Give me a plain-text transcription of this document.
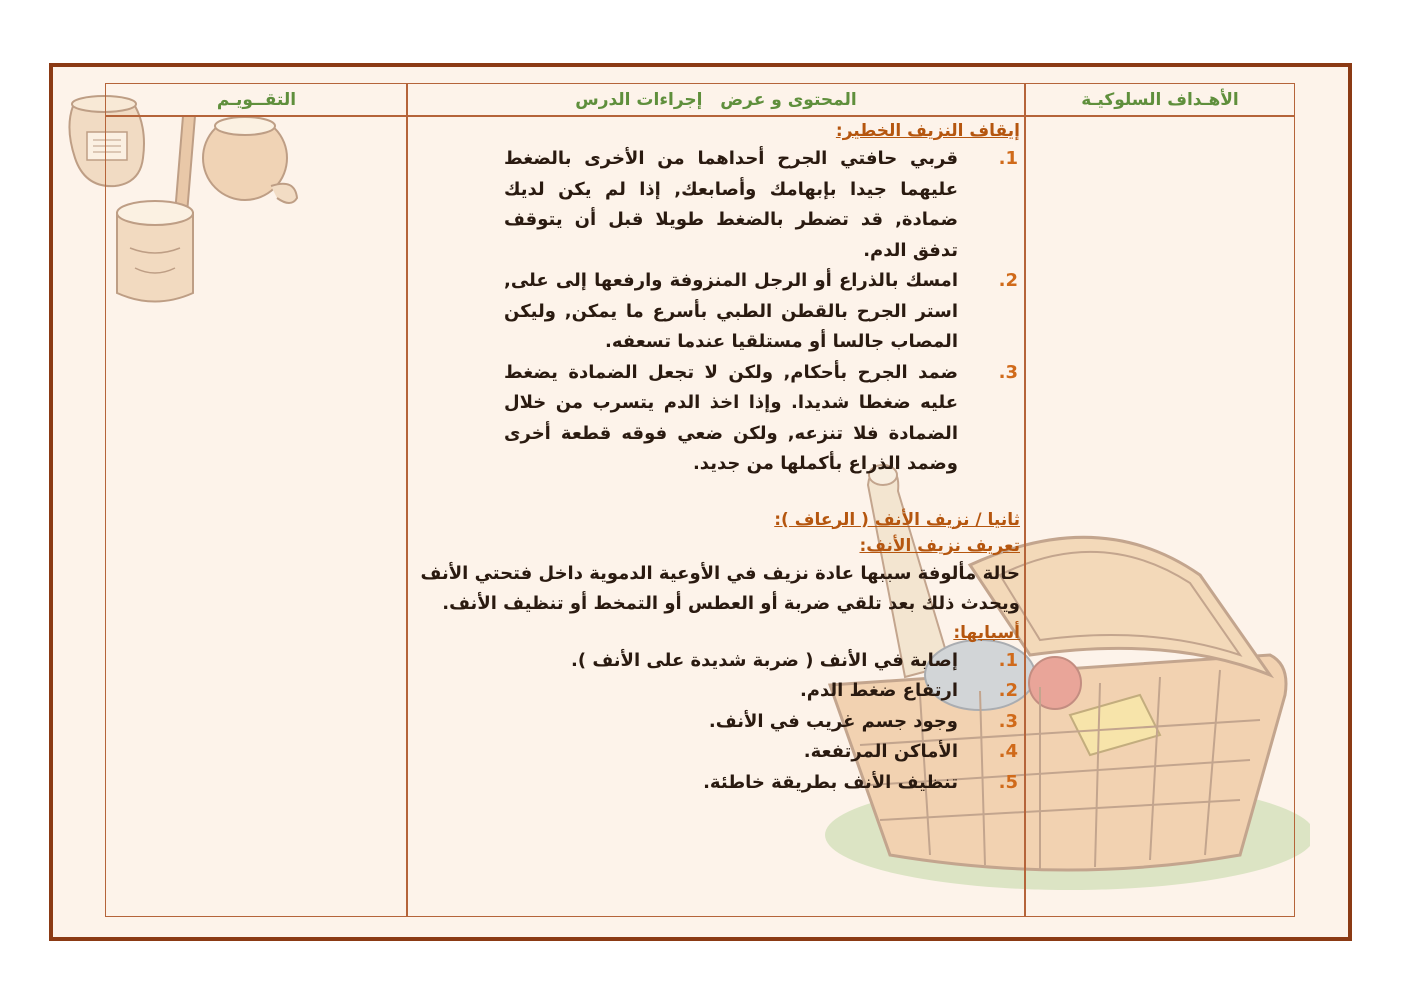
الأهـداف السلوكيـة
المحتوى و عرض   إجراءات الدرس
التقــويـم

إيقاف النزيف الخطير:

1.
قربي حافتي الجرح أحداهما من الأخرى بالضغط عليهما جيدا بإبهامك وأصابعك, إذا لم يكن لديك ضمادة, قد تضطر بالضغط طويلا قبل أن يتوقف تدفق الدم.
2.
امسك بالذراع أو الرجل المنزوفة وارفعها إلى على, استر الجرح بالقطن الطبي بأسرع ما يمكن, وليكن المصاب جالسا أو مستلقيا عندما تسعفه.
3.
ضمد الجرح بأحكام, ولكن لا تجعل الضمادة يضغط عليه ضغطا شديدا. وإذا اخذ الدم يتسرب من خلال الضمادة فلا تنزعه, ولكن ضعي فوقه قطعة أخرى وضمد الذراع بأكملها من جديد.

ثانيا / نزيف الأنف ( الرعاف ):

تعريف نزيف الأنف:

حالة مألوفة سببها عادة نزيف في الأوعية الدموية داخل فتحتي الأنف ويحدث ذلك بعد تلقي ضربة أو العطس أو التمخط أو تنظيف الأنف.

أسبابها:

1.
إصابة في الأنف ( ضربة شديدة على الأنف ).
2.
ارتفاع ضغط الدم.
3.
وجود جسم غريب في الأنف.
4.
الأماكن المرتفعة.
5.
تنظيف الأنف بطريقة خاطئة.
